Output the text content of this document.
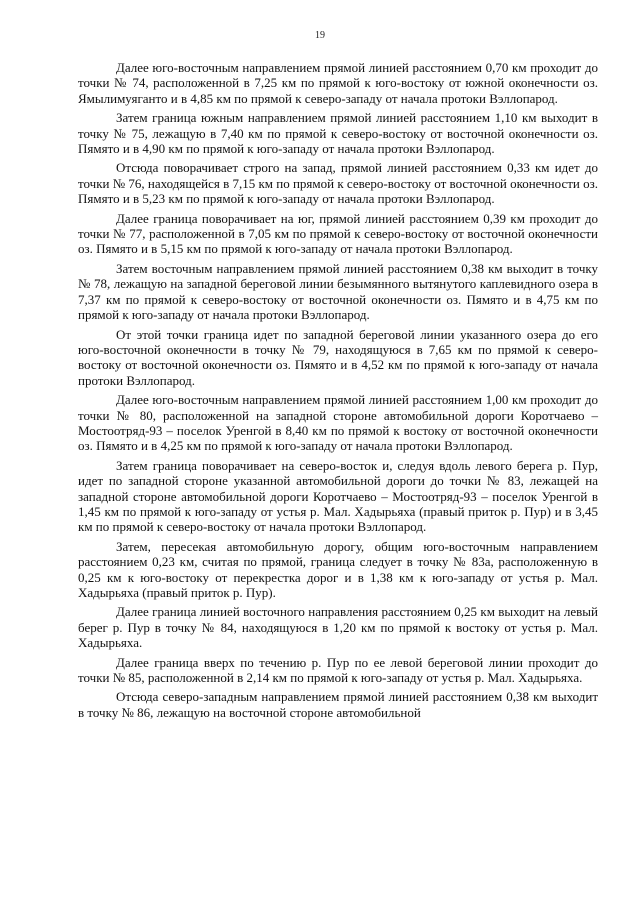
19

Далее юго-восточным направлением прямой линией расстоянием 0,70 км проходит до точки № 74, расположенной в 7,25 км по прямой к юго-востоку от южной оконечности оз. Ямылимуяганто и в 4,85 км по прямой к северо-западу от начала протоки Вэллопарод.

Затем граница южным направлением прямой линией расстоянием 1,10 км выходит в точку № 75, лежащую в 7,40 км по прямой к северо-востоку от восточной оконечности оз. Пямято и в 4,90 км по прямой к юго-западу от начала протоки Вэллопарод.

Отсюда поворачивает строго на запад, прямой линией расстоянием 0,33 км идет до точки № 76, находящейся в 7,15 км по прямой к северо-востоку от восточной оконечности оз. Пямято и в 5,23 км по прямой к юго-западу от начала протоки Вэллопарод.

Далее граница поворачивает на юг, прямой линией расстоянием 0,39 км проходит до точки № 77, расположенной в 7,05 км по прямой к северо-востоку от восточной оконечности оз. Пямято и в 5,15 км по прямой к юго-западу от начала протоки Вэллопарод.

Затем восточным направлением прямой линией расстоянием 0,38 км выходит в точку № 78, лежащую на западной береговой линии безымянного вытянутого каплевидного озера в 7,37 км по прямой к северо-востоку от восточной оконечности оз. Пямято и в 4,75 км по прямой к юго-западу от начала протоки Вэллопарод.

От этой точки граница идет по западной береговой линии указанного озера до его юго-восточной оконечности в точку № 79, находящуюся в 7,65 км по прямой к северо-востоку от восточной оконечности оз. Пямято и в 4,52 км по прямой к юго-западу от начала протоки Вэллопарод.

Далее юго-восточным направлением прямой линией расстоянием 1,00 км проходит до точки № 80, расположенной на западной стороне автомобильной дороги Коротчаево – Мостоотряд-93 – поселок Уренгой в 8,40 км по прямой к востоку от восточной оконечности оз. Пямято и в 4,25 км по прямой к юго-западу от начала протоки Вэллопарод.

Затем граница поворачивает на северо-восток и, следуя вдоль левого берега р. Пур, идет по западной стороне указанной автомобильной дороги до точки № 83, лежащей на западной стороне автомобильной дороги Коротчаево – Мостоотряд-93 – поселок Уренгой в 1,45 км по прямой к юго-западу от устья р. Мал. Хадырьяха (правый приток р. Пур) и в 3,45 км по прямой к северо-востоку от начала протоки Вэллопарод.

Затем, пересекая автомобильную дорогу, общим юго-восточным направлением расстоянием 0,23 км, считая по прямой, граница следует в точку № 83а, расположенную в 0,25 км к юго-востоку от перекрестка дорог и в 1,38 км к юго-западу от устья р. Мал. Хадырьяха (правый приток р. Пур).

Далее граница линией восточного направления расстоянием 0,25 км выходит на левый берег р. Пур в точку № 84, находящуюся в 1,20 км по прямой к востоку от устья р. Мал. Хадырьяха.

Далее граница вверх по течению р. Пур по ее левой береговой линии проходит до точки № 85, расположенной в 2,14 км по прямой к юго-западу от устья р. Мал. Хадырьяха.

Отсюда северо-западным направлением прямой линией расстоянием 0,38 км выходит в точку № 86, лежащую на восточной стороне автомобильной
